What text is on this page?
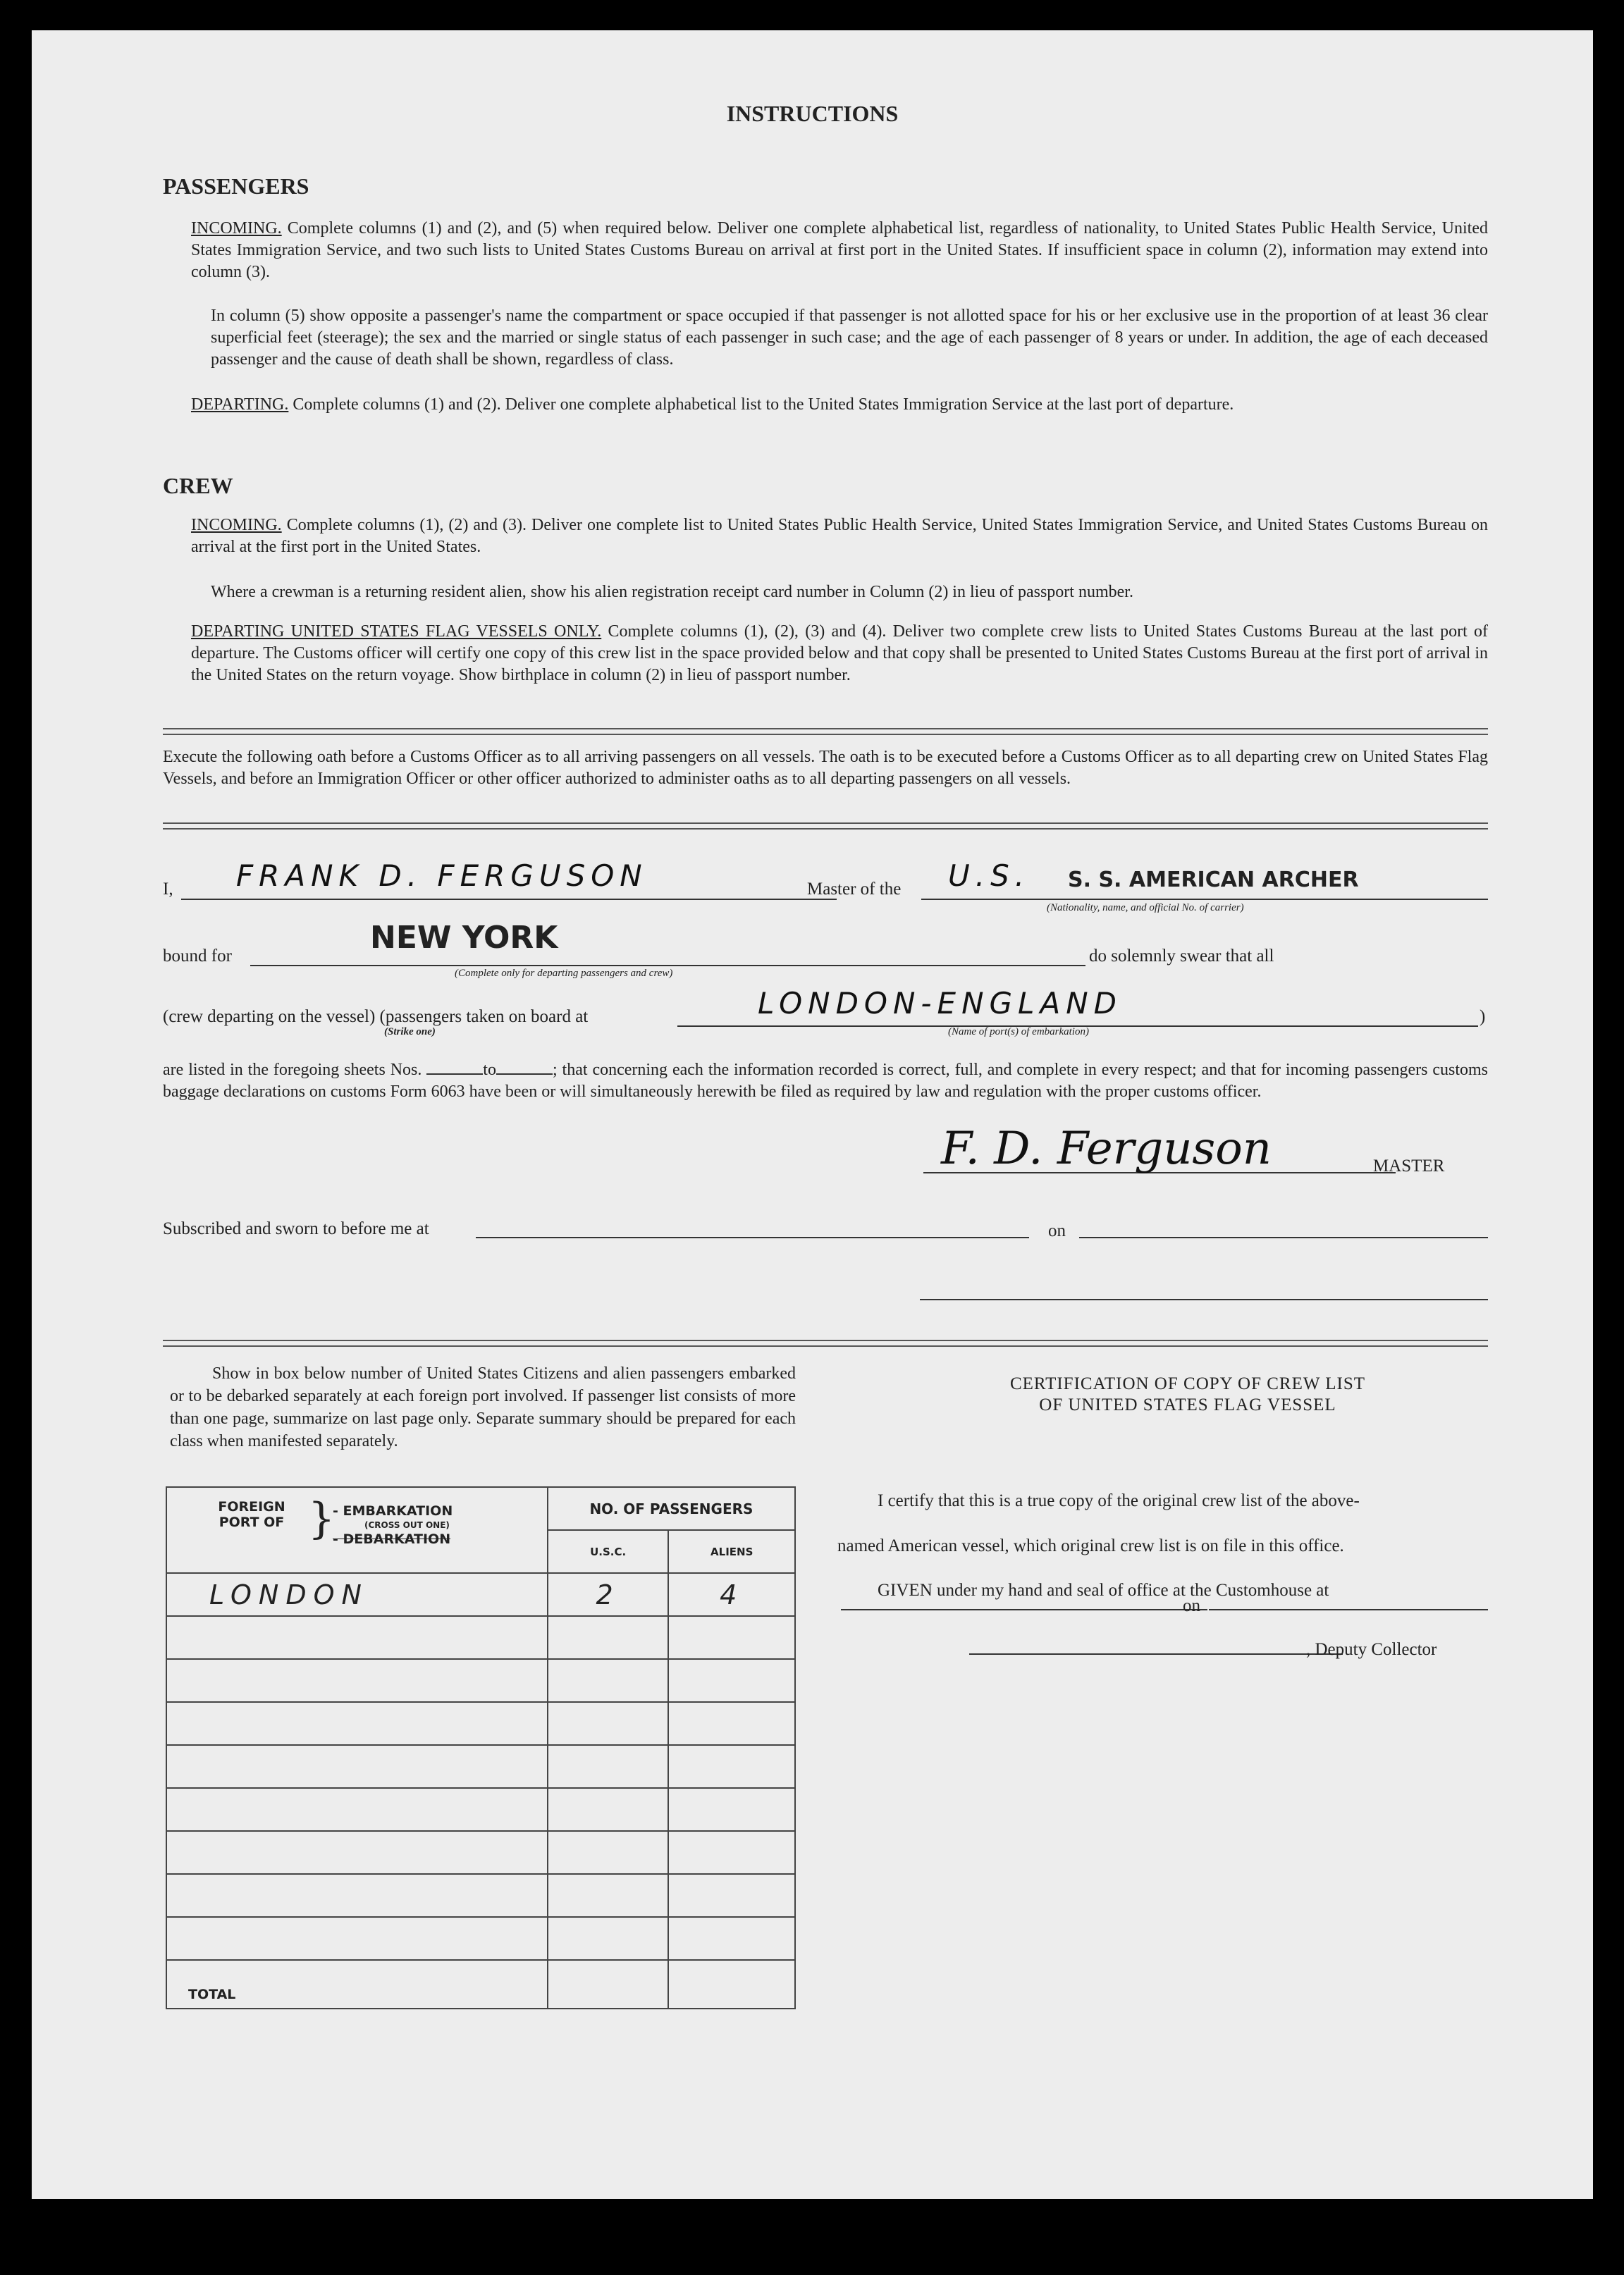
INSTRUCTIONS
PASSENGERS
INCOMING. Complete columns (1) and (2), and (5) when required below. Deliver one complete alphabetical list, regardless of nationality, to United States Public Health Service, United States Immigration Service, and two such lists to United States Customs Bureau on arrival at first port in the United States. If insufficient space in column (2), information may extend into column (3).
In column (5) show opposite a passenger's name the compartment or space occupied if that passenger is not allotted space for his or her exclusive use in the proportion of at least 36 clear superficial feet (steerage); the sex and the married or single status of each passenger in such case; and the age of each passenger of 8 years or under. In addition, the age of each deceased passenger and the cause of death shall be shown, regardless of class.
DEPARTING. Complete columns (1) and (2). Deliver one complete alphabetical list to the United States Immigration Service at the last port of departure.
CREW
INCOMING. Complete columns (1), (2) and (3). Deliver one complete list to United States Public Health Service, United States Immigration Service, and United States Customs Bureau on arrival at the first port in the United States.
Where a crewman is a returning resident alien, show his alien registration receipt card number in Column (2) in lieu of passport number.
DEPARTING UNITED STATES FLAG VESSELS ONLY. Complete columns (1), (2), (3) and (4). Deliver two complete crew lists to United States Customs Bureau at the last port of departure. The Customs officer will certify one copy of this crew list in the space provided below and that copy shall be presented to United States Customs Bureau at the first port of arrival in the United States on the return voyage. Show birthplace in column (2) in lieu of passport number.
Execute the following oath before a Customs Officer as to all arriving passengers on all vessels. The oath is to be executed before a Customs Officer as to all departing crew on United States Flag Vessels, and before an Immigration Officer or other officer authorized to administer oaths as to all departing passengers on all vessels.
I, FRANK D. FERGUSON	Master of the U.S. S. S. AMERICAN ARCHER
(Nationality, name, and official No. of carrier)
bound for
NEW YORK
(Complete only for departing passengers and crew)
do solemnly swear that all
(crew departing on the vessel) (passengers taken on board at
(Strike one)
LONDON-ENGLAND
(Name of port(s) of embarkation)
)
are listed in the foregoing sheets Nos.	to	; that concerning each the information recorded is correct, full, and complete in every respect; and that for incoming passengers customs baggage declarations on customs Form 6063 have been or will simultaneously herewith be filed as required by law and regulation with the proper customs officer.
F. D. Ferguson	MASTER
Subscribed and sworn to before me at	on
Show in box below number of United States Citizens and alien passengers embarked or to be debarked separately at each foreign port involved. If passenger list consists of more than one page, summarize on last page only. Separate summary should be prepared for each class when manifested separately.
FOREIGN PORT OF }
- EMBARKATION
(CROSS OUT ONE)
- DEBARKATION	NO. OF PASSENGERS	
	U.S.C.	ALIENS
LONDON	2	4

TOTAL		
CERTIFICATION OF COPY OF CREW LIST
OF UNITED STATES FLAG VESSEL
I certify that this is a true copy of the original crew list of the above-
named American vessel, which original crew list is on file in this office.
GIVEN under my hand and seal of office at the Customhouse at
on
, Deputy Collector
